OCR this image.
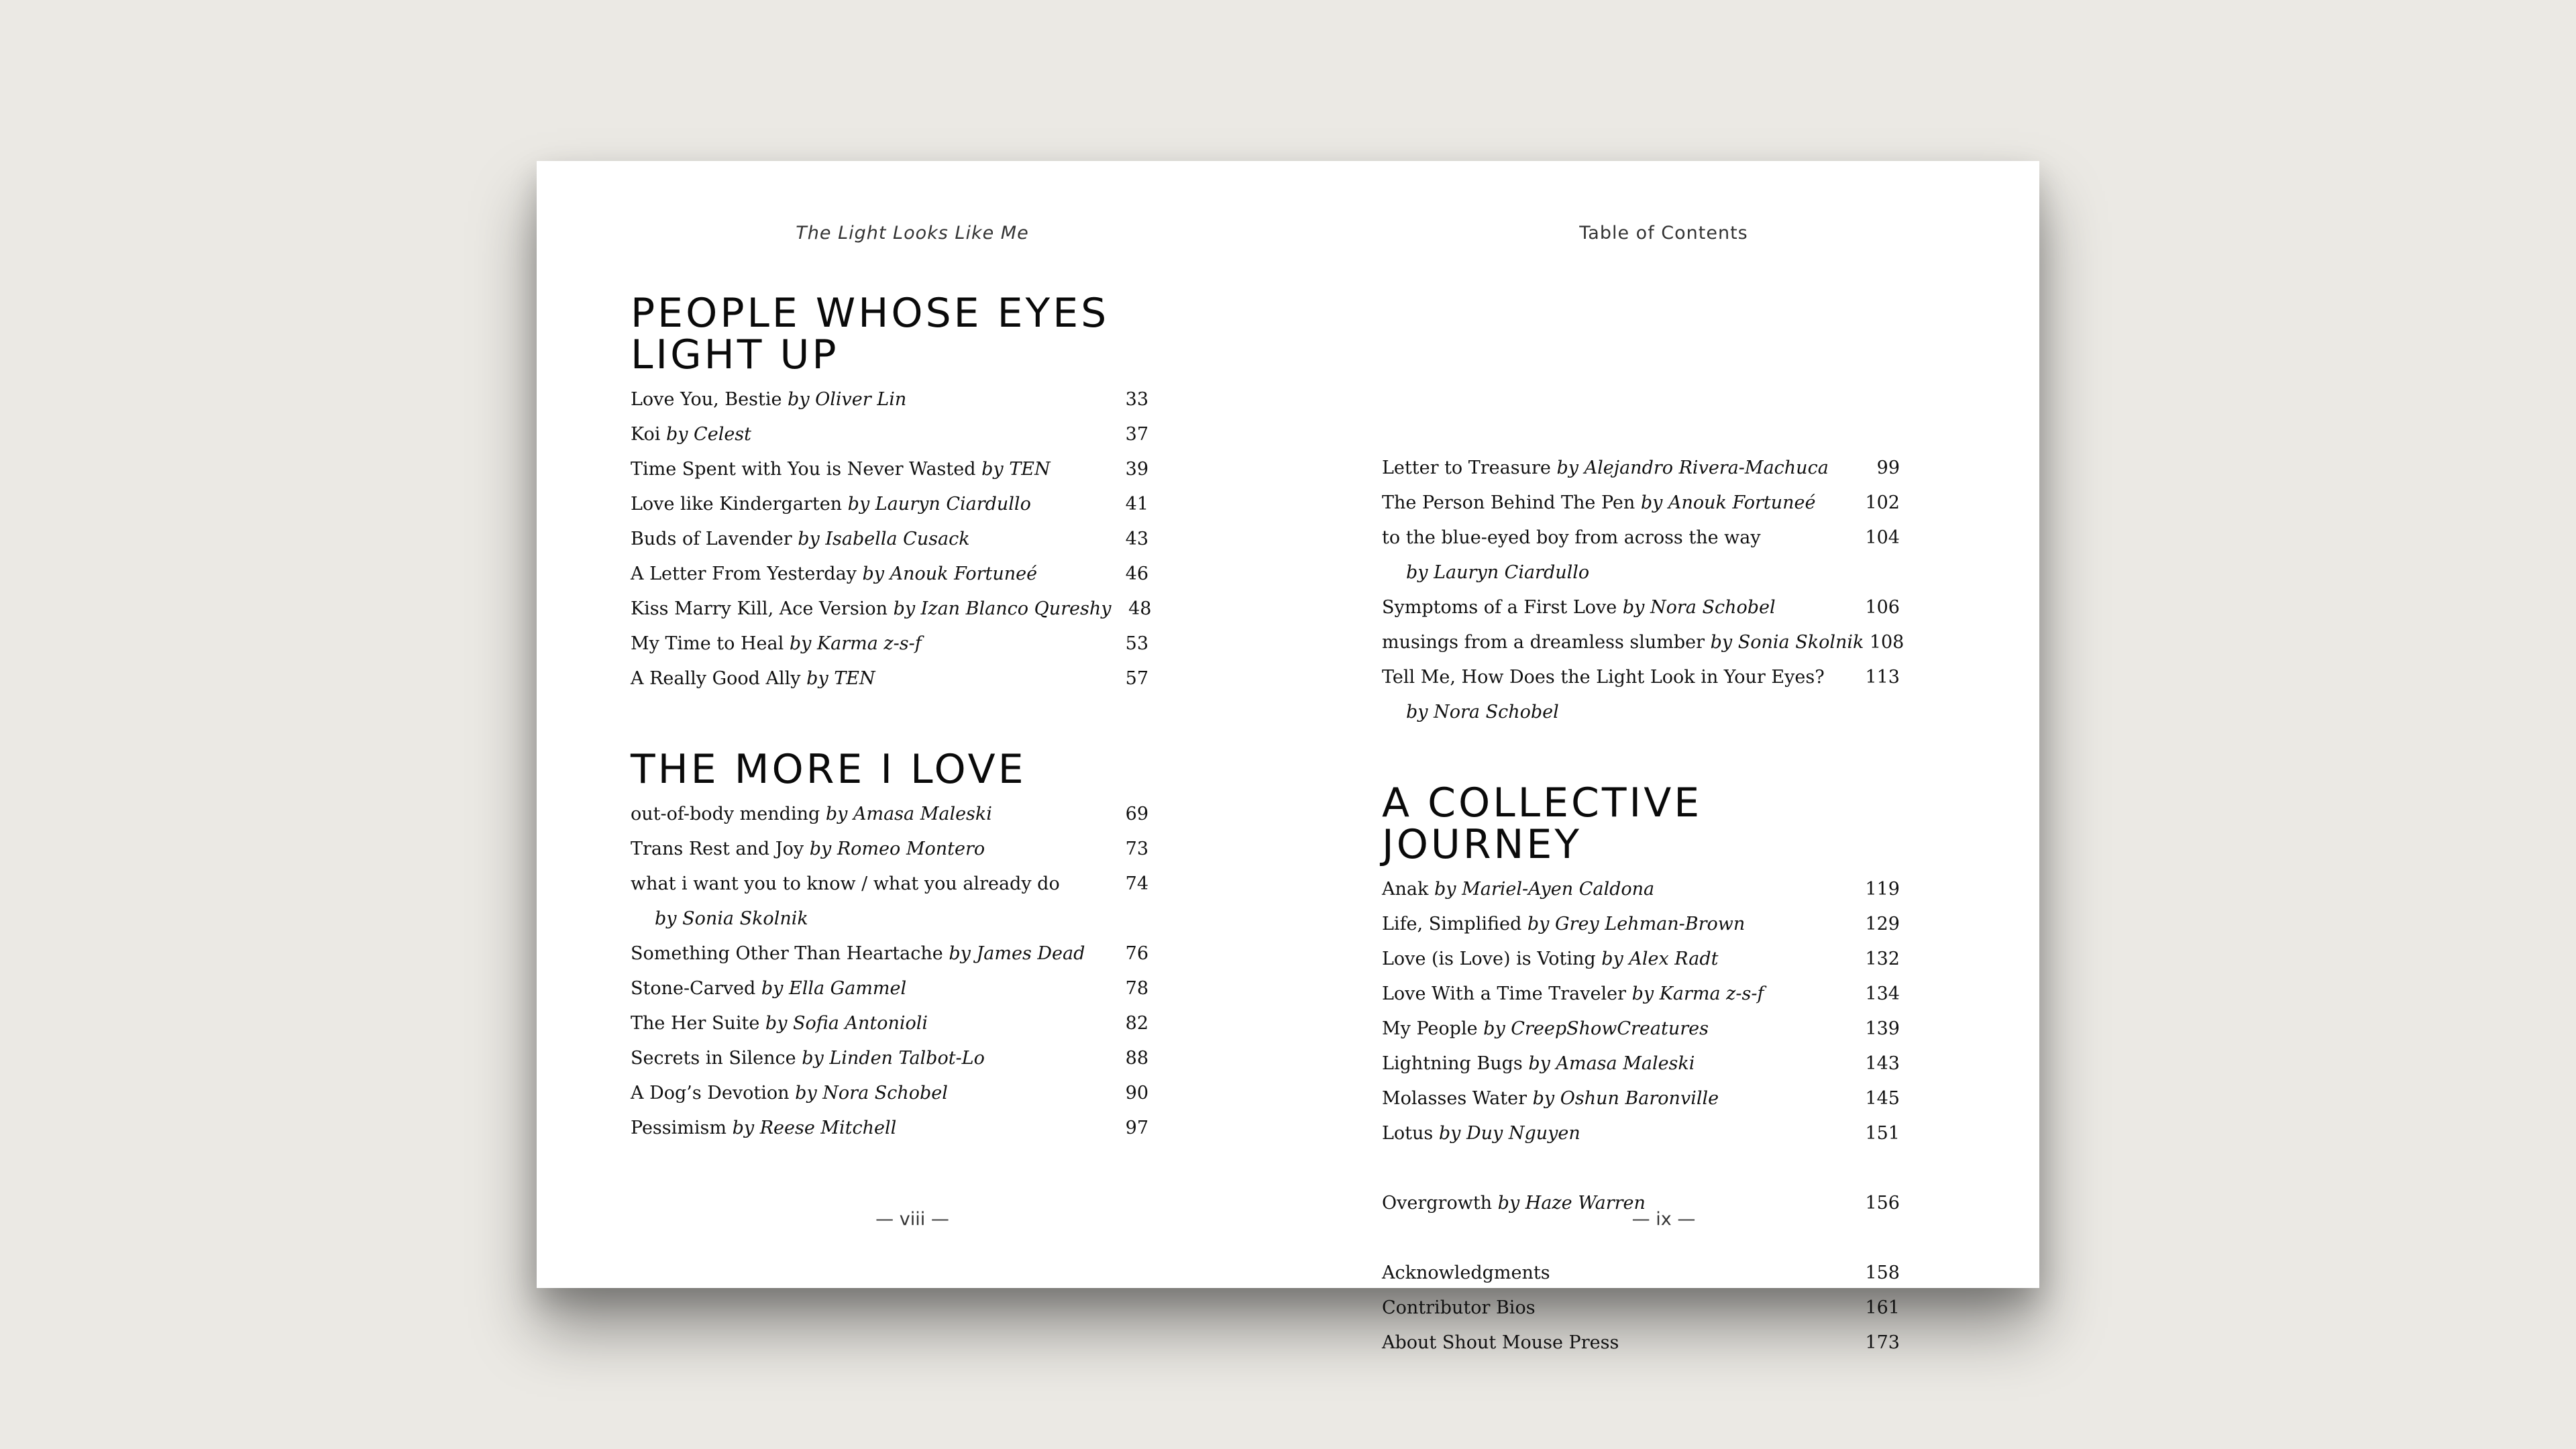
The Light Looks Like Me
PEOPLE WHOSE EYES
LIGHT UP
Love You, Bestie by Oliver Lin	33
Koi by Celest	37
Time Spent with You is Never Wasted by TEN	39
Love like Kindergarten by Lauryn Ciardullo	41
Buds of Lavender by Isabella Cusack	43
A Letter From Yesterday by Anouk Fortuneé	46
Kiss Marry Kill, Ace Version by Izan Blanco Qureshy 48
My Time to Heal by Karma z-s-f	53
A Really Good Ally by TEN	57
THE MORE I LOVE
out-of-body mending by Amasa Maleski	69
Trans Rest and Joy by Romeo Montero	73
what i want you to know / what you already do	74
by Sonia Skolnik
Something Other Than Heartache by James Dead	76
Stone-Carved by Ella Gammel	78
The Her Suite by Sofia Antonioli	82
Secrets in Silence by Linden Talbot-Lo	88
A Dog’s Devotion by Nora Schobel	90
Pessimism by Reese Mitchell	97
— viii —
Table of Contents
Letter to Treasure by Alejandro Rivera-Machuca	99
The Person Behind The Pen by Anouk Fortuneé	102
to the blue-eyed boy from across the way	104
by Lauryn Ciardullo
Symptoms of a First Love by Nora Schobel	106
musings from a dreamless slumber by Sonia Skolnik 108
Tell Me, How Does the Light Look in Your Eyes?	113
by Nora Schobel
A COLLECTIVE JOURNEY
Anak by Mariel-Ayen Caldona	119
Life, Simplified by Grey Lehman-Brown	129
Love (is Love) is Voting by Alex Radt	132
Love With a Time Traveler by Karma z-s-f	134
My People by CreepShowCreatures	139
Lightning Bugs by Amasa Maleski	143
Molasses Water by Oshun Baronville	145
Lotus by Duy Nguyen	151
Overgrowth by Haze Warren	156
Acknowledgments	158
Contributor Bios	161
About Shout Mouse Press	173
— ix —
